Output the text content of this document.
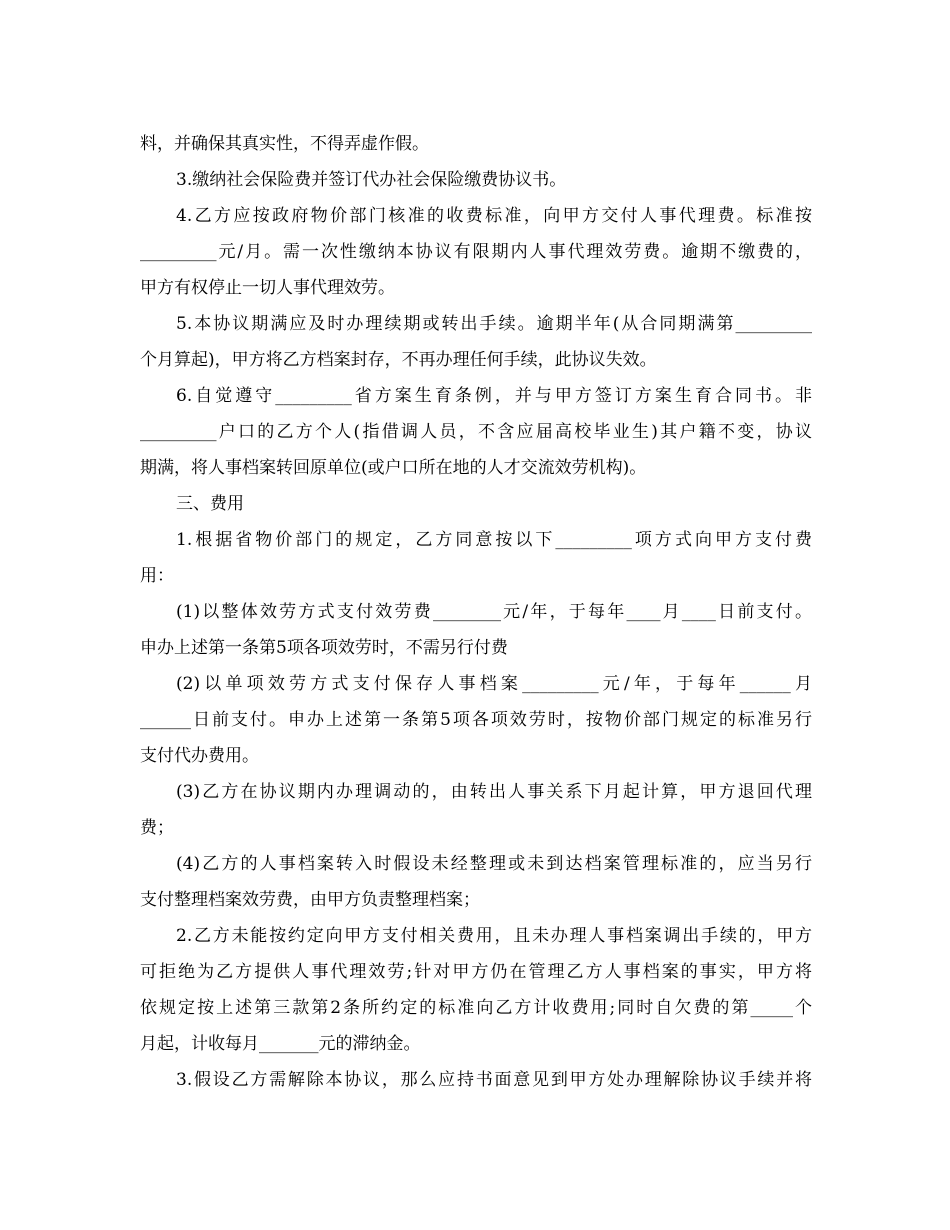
料，并确保其真实性，不得弄虚作假。
3.缴纳社会保险费并签订代办社会保险缴费协议书。
4.乙方应按政府物价部门核准的收费标准，向甲方交付人事代理费。标准按
_________元/月。需一次性缴纳本协议有限期内人事代理效劳费。逾期不缴费的，
甲方有权停止一切人事代理效劳。
5.本协议期满应及时办理续期或转出手续。逾期半年(从合同期满第_________
个月算起)，甲方将乙方档案封存，不再办理任何手续，此协议失效。
6.自觉遵守_________省方案生育条例，并与甲方签订方案生育合同书。非
_________户口的乙方个人(指借调人员，不含应届高校毕业生)其户籍不变，协议
期满，将人事档案转回原单位(或户口所在地的人才交流效劳机构)。
三、费用
1.根据省物价部门的规定，乙方同意按以下_________项方式向甲方支付费
用：
(1)以整体效劳方式支付效劳费________元/年，于每年____月____日前支付。
申办上述第一条第5项各项效劳时，不需另行付费
(2)以单项效劳方式支付保存人事档案_________元/年，于每年______月
______日前支付。申办上述第一条第5项各项效劳时，按物价部门规定的标准另行
支付代办费用。
(3)乙方在协议期内办理调动的，由转出人事关系下月起计算，甲方退回代理
费；
(4)乙方的人事档案转入时假设未经整理或未到达档案管理标准的，应当另行
支付整理档案效劳费，由甲方负责整理档案；
2.乙方未能按约定向甲方支付相关费用，且未办理人事档案调出手续的，甲方
可拒绝为乙方提供人事代理效劳;针对甲方仍在管理乙方人事档案的事实，甲方将
依规定按上述第三款第2条所约定的标准向乙方计收费用;同时自欠费的第_____个
月起，计收每月_______元的滞纳金。
3.假设乙方需解除本协议，那么应持书面意见到甲方处办理解除协议手续并将
